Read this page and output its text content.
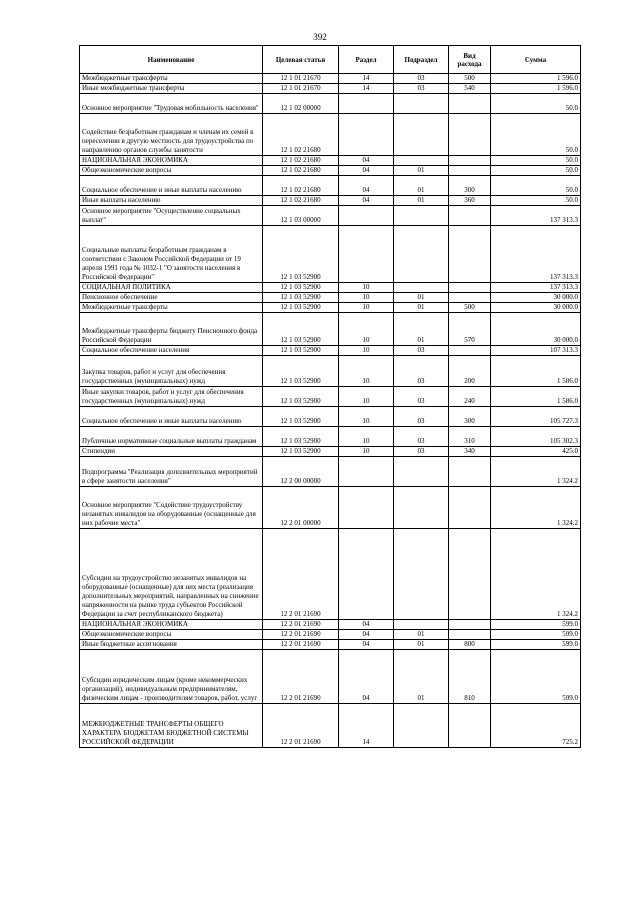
392
Наименование	Целевая статья	Раздел	Подраздел	Вид расхода	Сумма
Межбюджетные трансферты	12 1 01 21670	14	03	500	1 596.0
Иные межбюджетные трансферты	12 1 01 21670	14	03	540	1 596.0
Основное мероприятие "Трудовая мобильность населения"	12 1 02 00000				50.0
Содействие безработным гражданам и членам их семей в переселении в другую местность для трудоустройства по направлению органов службы занятости	12 1 02 21680				50.0
НАЦИОНАЛЬНАЯ ЭКОНОМИКА	12 1 02 21680	04			50.0
Общеэкономические вопросы	12 1 02 21680	04	01		50.0
Социальное обеспечение и иные выплаты населению	12 1 02 21680	04	01	300	50.0
Иные выплаты населению	12 1 02 21680	04	01	360	50.0
Основное мероприятие "Осуществление социальных выплат"	12 1 03 00000				137 313.3
Социальные выплаты безработным гражданам в соответствии с Законом Российской Федерации от 19 апреля 1991 года № 1032-1 "О занятости населения в Российской Федерации"	12 1 03 52900				137 313.3
СОЦИАЛЬНАЯ ПОЛИТИКА	12 1 03 52900	10			137 313.3
Пенсионное обеспечение	12 1 03 52900	10	01		30 000.0
Межбюджетные трансферты	12 1 03 52900	10	01	500	30 000.0
Межбюджетные трансферты бюджету Пенсионного фонда Российской Федерации	12 1 03 52900	10	01	570	30 000.0
Социальное обеспечение населения	12 1 03 52900	10	03		107 313.3
Закупка товаров, работ и услуг для обеспечения государственных (муниципальных) нужд	12 1 03 52900	10	03	200	1 586.0
Иные закупки товаров, работ и услуг для обеспечения государственных (муниципальных) нужд	12 1 03 52900	10	03	240	1 586.0
Социальное обеспечение и иные выплаты населению	12 1 03 52900	10	03	300	105 727.3
Публичные нормативные социальные выплаты гражданам	12 1 03 52900	10	03	310	105 302.3
Стипендии	12 1 03 52900	10	03	340	425.0
Подпрограмма "Реализация дополнительных мероприятий в сфере занятости населения"	12 2 00 00000				1 324.2
Основное мероприятие "Содействие трудоустройству незанятых инвалидов на оборудованные (оснащенные для них рабочие места"	12 2 01 00000				1 324.2
Субсидии на трудоустройство незанятых инвалидов на оборудованные (оснащенные) для них места (реализация дополнительных мероприятий, направленных на снижение напряженности на рынке труда субъектов Российской Федерации за счет республиканского бюджета)	12 2 01 21690				1 324.2
НАЦИОНАЛЬНАЯ ЭКОНОМИКА	12 2 01 21690	04			599.0
Общеэкономические вопросы	12 2 01 21690	04	01		599.0
Иные бюджетные ассигнования	12 2 01 21690	04	01	800	599.0
Субсидии юридическим лицам (кроме некоммерческих организаций), индивидуальным предпринимателям, физическим лицам - производителям товаров, работ, услуг	12 2 01 21690	04	01	810	599.0
МЕЖБЮДЖЕТНЫЕ ТРАНСФЕРТЫ ОБЩЕГО ХАРАКТЕРА БЮДЖЕТАМ БЮДЖЕТНОЙ СИСТЕМЫ РОССИЙСКОЙ ФЕДЕРАЦИИ	12 2 01 21690	14			725.2
